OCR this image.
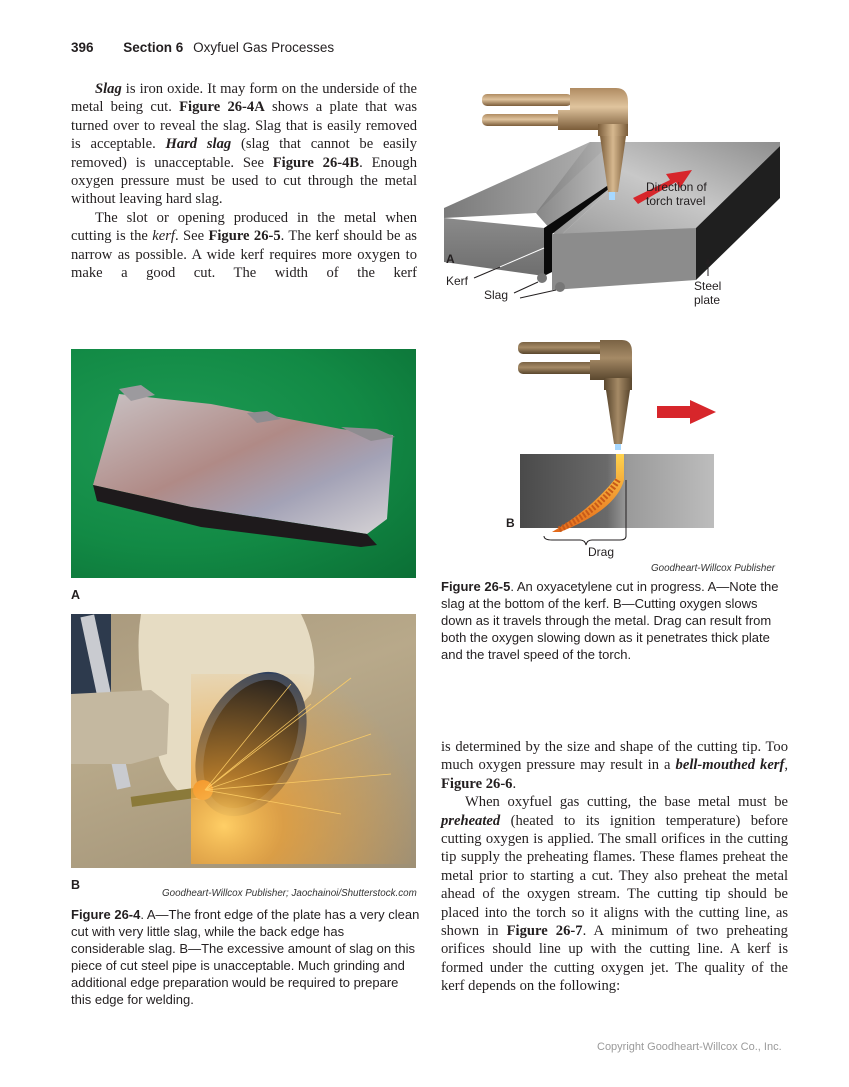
396 Section 6 Oxyfuel Gas Processes

Slag is iron oxide. It may form on the underside of the metal being cut. Figure 26-4A shows a plate that was turned over to reveal the slag. Slag that is easily removed is acceptable. Hard slag (slag that cannot be easily removed) is unacceptable. See Figure 26-4B. Enough oxygen pressure must be used to cut through the metal without leaving hard slag.

The slot or opening produced in the metal when cutting is the kerf. See Figure 26-5. The kerf should be as narrow as possible. A wide kerf requires more oxygen to make a good cut. The width of the kerf

A
Direction of
torch travel
Kerf
Slag
Steel
plate
B
Drag
Goodheart-Willcox Publisher
Figure 26-5. An oxyacetylene cut in progress. A—Note the slag at the bottom of the kerf. B—Cutting oxygen slows down as it travels through the metal. Drag can result from both the oxygen slowing down as it penetrates thick plate and the travel speed of the torch.
A
B
Goodheart-Willcox Publisher; Jaochainoi/Shutterstock.com
Figure 26-4. A—The front edge of the plate has a very clean cut with very little slag, while the back edge has considerable slag. B—The excessive amount of slag on this piece of cut steel pipe is unacceptable. Much grinding and additional edge preparation would be required to prepare this edge for welding.

is determined by the size and shape of the cutting tip. Too much oxygen pressure may result in a bell-mouthed kerf, Figure 26-6.

When oxyfuel gas cutting, the base metal must be preheated (heated to its ignition temperature) before cutting oxygen is applied. The small orifices in the cutting tip supply the preheating flames. These flames preheat the metal prior to starting a cut. They also preheat the metal ahead of the oxygen stream. The cutting tip should be placed into the torch so it aligns with the cutting line, as shown in Figure 26-7. A minimum of two preheating orifices should line up with the cutting line. A kerf is formed under the cutting oxygen jet. The quality of the kerf depends on the following:

Copyright Goodheart-Willcox Co., Inc.
